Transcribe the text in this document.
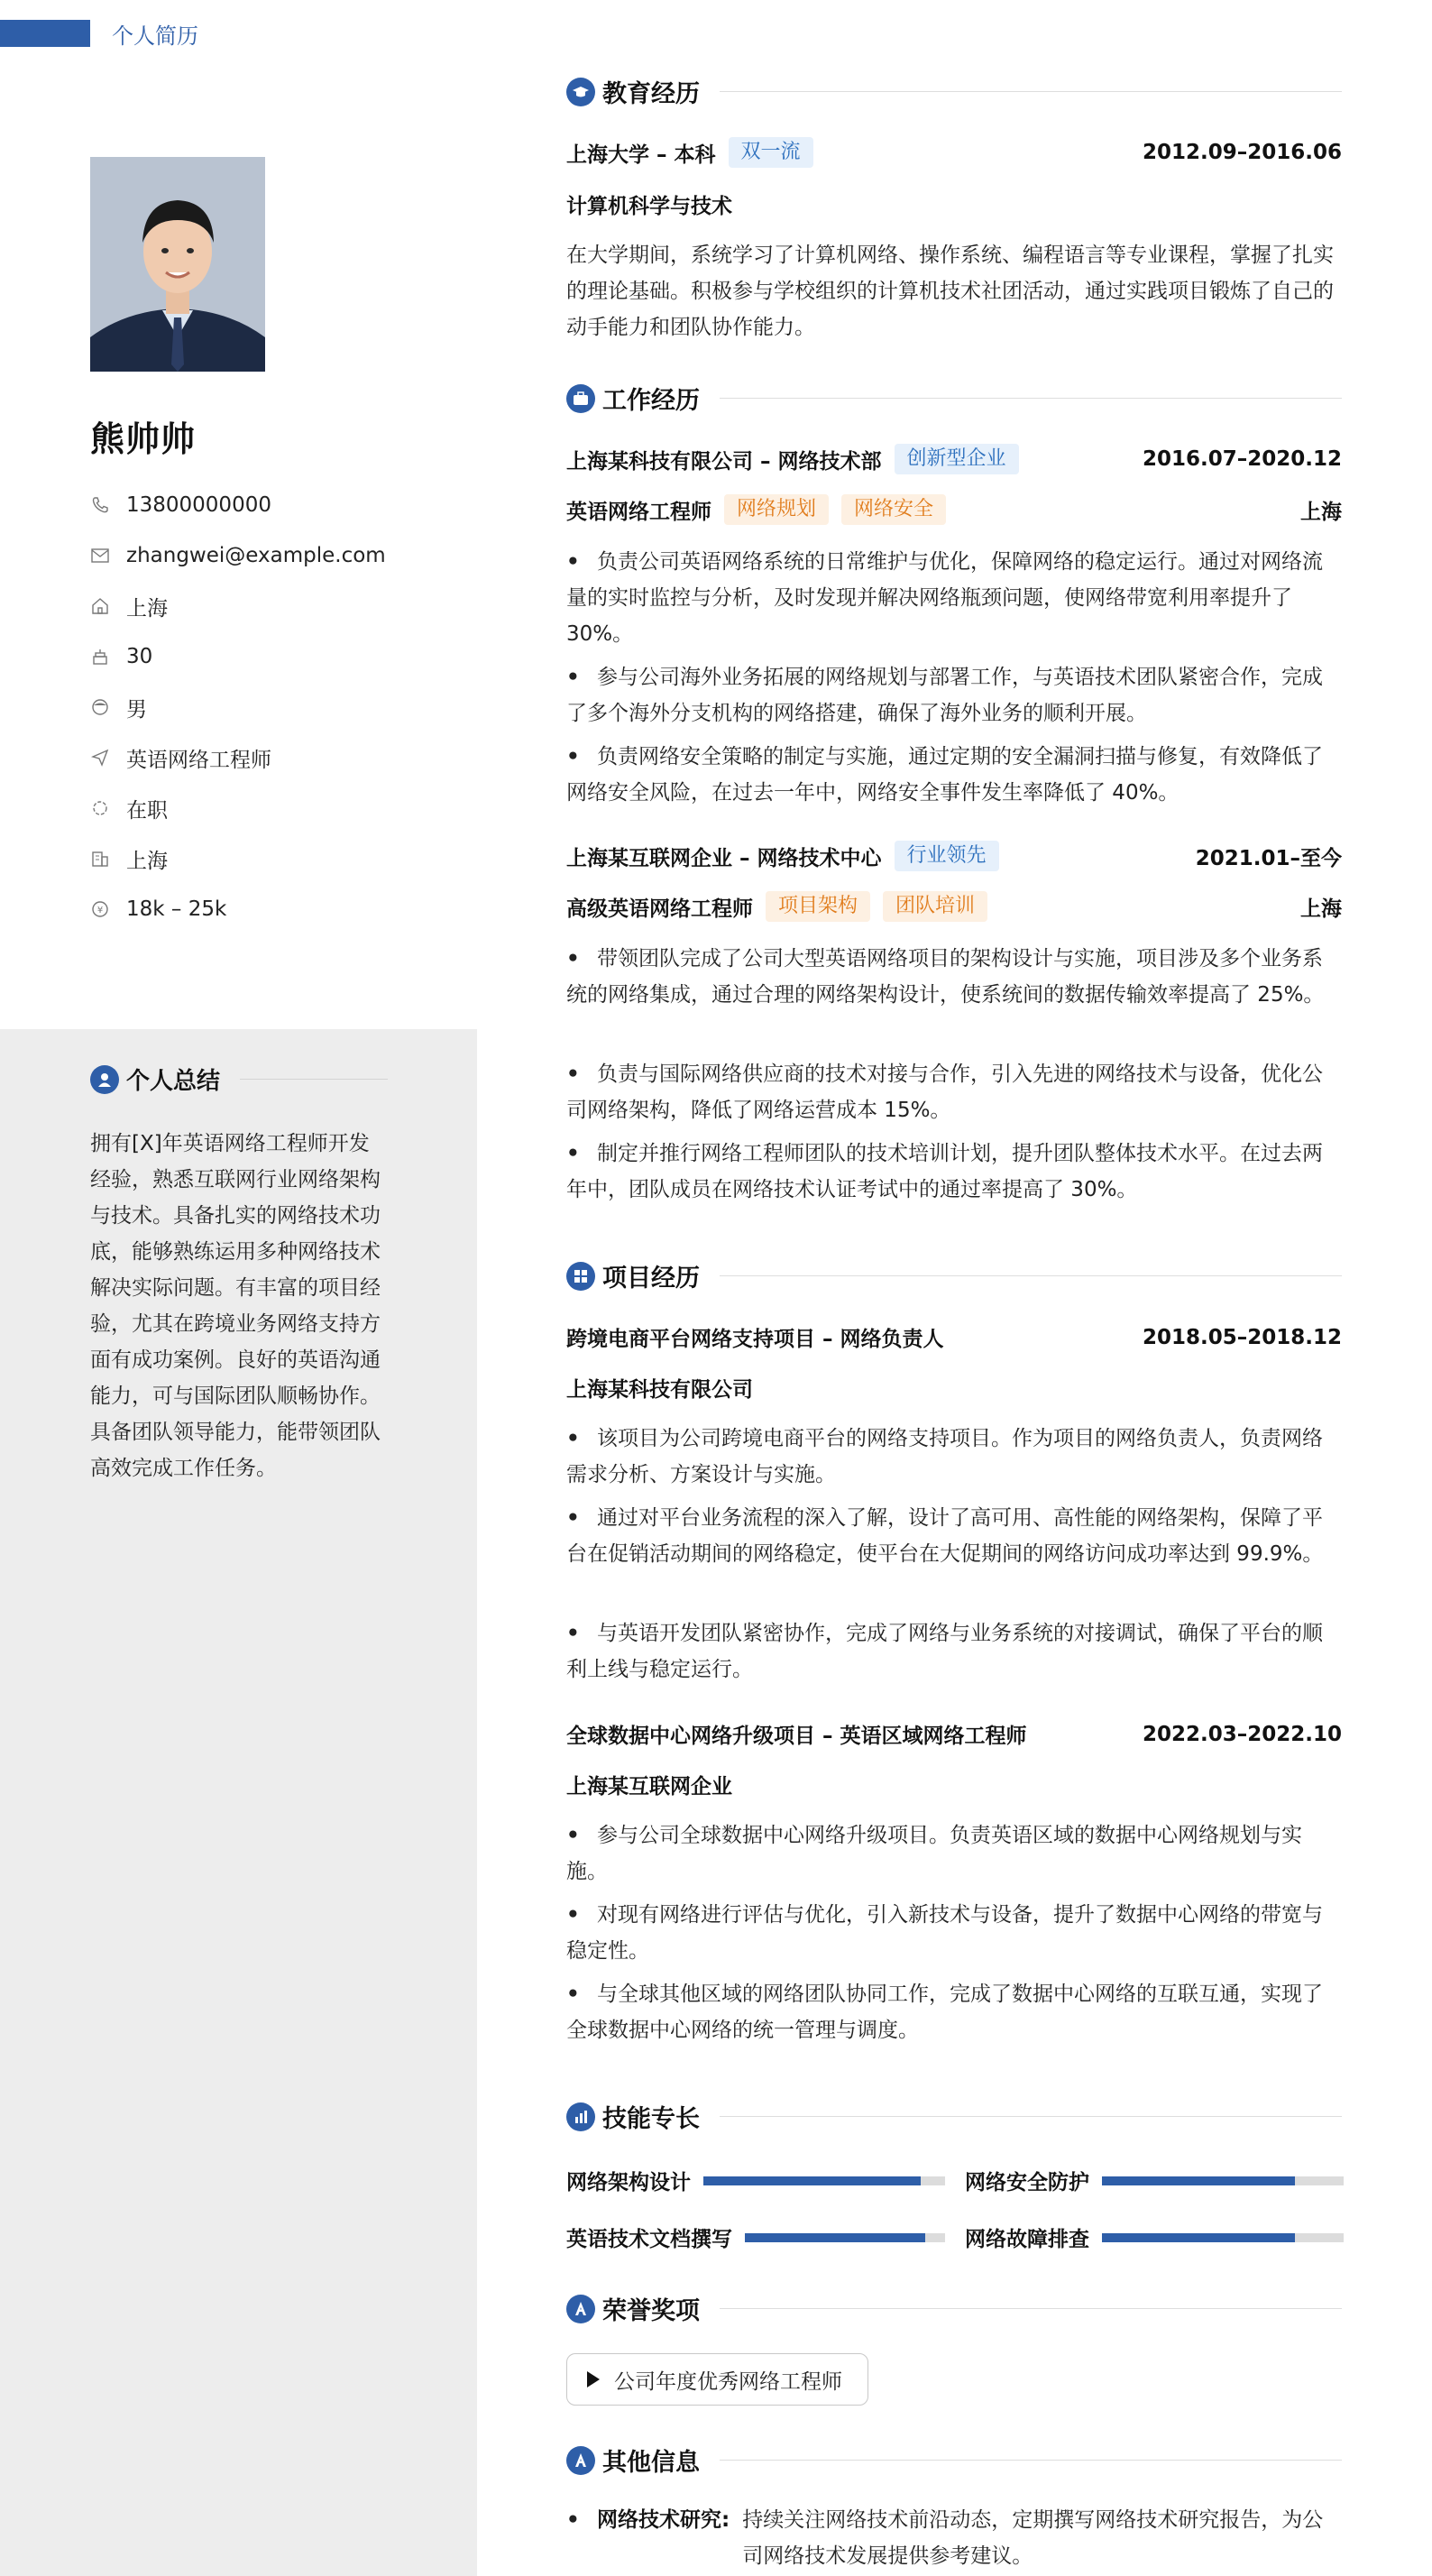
个人简历
熊帅帅
13800000000
zhangwei@example.com
上海
30
男
英语网络工程师
在职
上海
¥ 18k – 25k
个人总结
拥有[X]年英语网络工程师开发经验，熟悉互联网行业网络架构与技术。具备扎实的网络技术功底，能够熟练运用多种网络技术解决实际问题。有丰富的项目经验，尤其在跨境业务网络支持方面有成功案例。良好的英语沟通能力，可与国际团队顺畅协作。具备团队领导能力，能带领团队高效完成工作任务。
教育经历
上海大学 – 本科	双一流	2012.09–2016.06
计算机科学与技术
在大学期间，系统学习了计算机网络、操作系统、编程语言等专业课程，掌握了扎实的理论基础。积极参与学校组织的计算机技术社团活动，通过实践项目锻炼了自己的动手能力和团队协作能力。
工作经历
上海某科技有限公司 – 网络技术部	创新型企业	2016.07–2020.12
英语网络工程师	网络规划	网络安全	上海
• 负责公司英语网络系统的日常维护与优化，保障网络的稳定运行。通过对网络流量的实时监控与分析，及时发现并解决网络瓶颈问题，使网络带宽利用率提升了 30%。
• 参与公司海外业务拓展的网络规划与部署工作，与英语技术团队紧密合作，完成了多个海外分支机构的网络搭建，确保了海外业务的顺利开展。
• 负责网络安全策略的制定与实施，通过定期的安全漏洞扫描与修复，有效降低了网络安全风险，在过去一年中，网络安全事件发生率降低了 40%。
上海某互联网企业 – 网络技术中心	行业领先	2021.01–至今
高级英语网络工程师	项目架构	团队培训	上海
• 带领团队完成了公司大型英语网络项目的架构设计与实施，项目涉及多个业务系统的网络集成，通过合理的网络架构设计，使系统间的数据传输效率提高了 25%。
• 负责与国际网络供应商的技术对接与合作，引入先进的网络技术与设备，优化公司网络架构，降低了网络运营成本 15%。
• 制定并推行网络工程师团队的技术培训计划，提升团队整体技术水平。在过去两年中，团队成员在网络技术认证考试中的通过率提高了 30%。
项目经历
跨境电商平台网络支持项目 – 网络负责人	2018.05–2018.12
上海某科技有限公司
• 该项目为公司跨境电商平台的网络支持项目。作为项目的网络负责人，负责网络需求分析、方案设计与实施。
• 通过对平台业务流程的深入了解，设计了高可用、高性能的网络架构，保障了平台在促销活动期间的网络稳定，使平台在大促期间的网络访问成功率达到 99.9%。
• 与英语开发团队紧密协作，完成了网络与业务系统的对接调试，确保了平台的顺利上线与稳定运行。
全球数据中心网络升级项目 – 英语区域网络工程师	2022.03–2022.10
上海某互联网企业
• 参与公司全球数据中心网络升级项目。负责英语区域的数据中心网络规划与实施。
• 对现有网络进行评估与优化，引入新技术与设备，提升了数据中心网络的带宽与稳定性。
• 与全球其他区域的网络团队协同工作，完成了数据中心网络的互联互通，实现了全球数据中心网络的统一管理与调度。
技能专长
网络架构设计	网络安全防护
英语技术文档撰写	网络故障排查
荣誉奖项
公司年度优秀网络工程师
其他信息
• 网络技术研究: 持续关注网络技术前沿动态，定期撰写网络技术研究报告，为公司网络技术发展提供参考建议。
